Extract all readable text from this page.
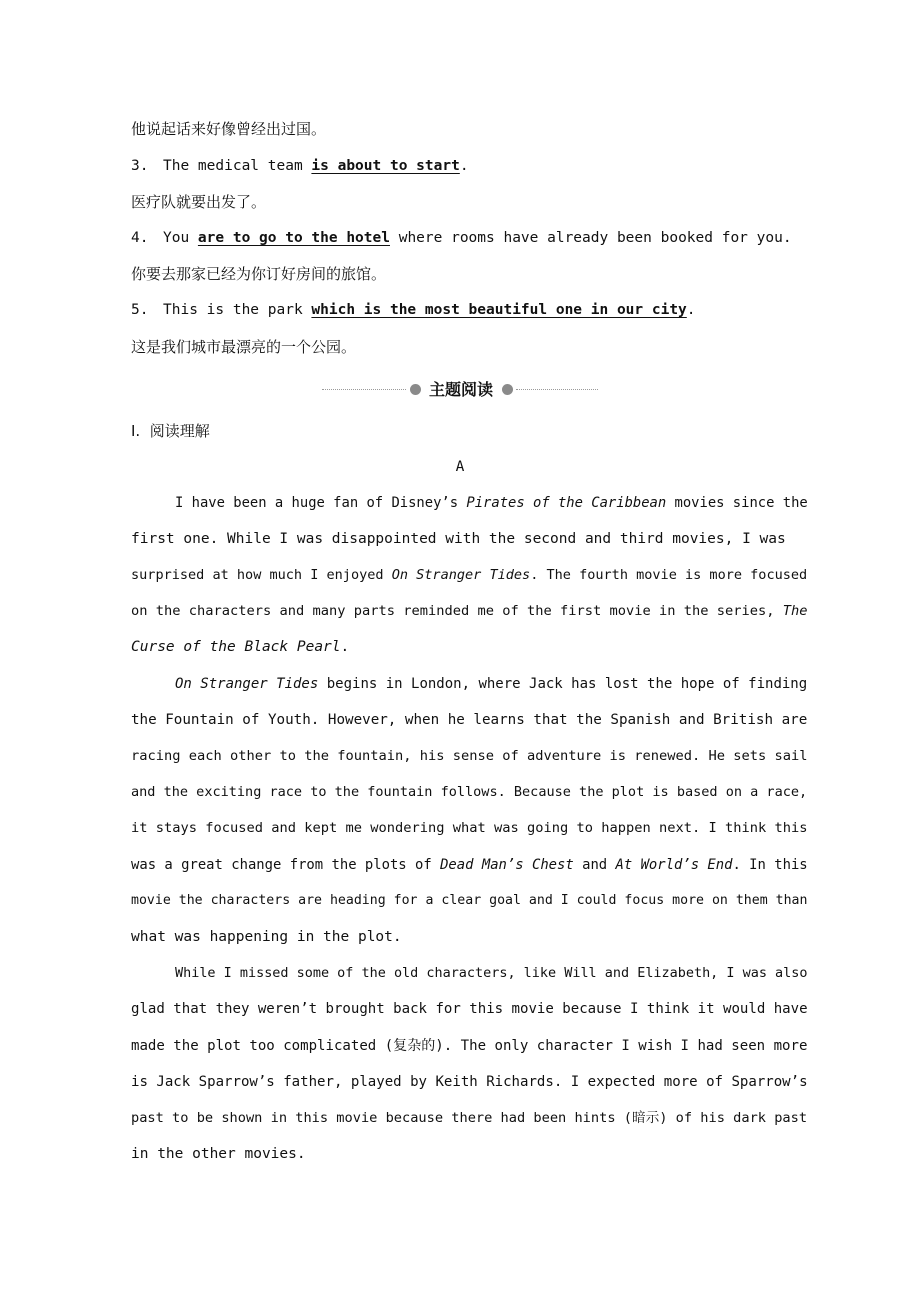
他说起话来好像曾经出过国。
3. The medical team is about to start.
医疗队就要出发了。
4. You are to go to the hotel where rooms have already been booked for you.
你要去那家已经为你订好房间的旅馆。
5. This is the park which is the most beautiful one in our city.
这是我们城市最漂亮的一个公园。
主题阅读
Ⅰ. 阅读理解
A
I have been a huge fan of Disney’s Pirates of the Caribbean movies since the
first one. While I was disappointed with the second and third movies, I was
surprised at how much I enjoyed On Stranger Tides. The fourth movie is more focused
on the characters and many parts reminded me of the first movie in the series, The
Curse of the Black Pearl.
On Stranger Tides begins in London, where Jack has lost the hope of finding
the Fountain of Youth. However, when he learns that the Spanish and British are
racing each other to the fountain, his sense of adventure is renewed. He sets sail
and the exciting race to the fountain follows. Because the plot is based on a race,
it stays focused and kept me wondering what was going to happen next. I think this
was a great change from the plots of Dead Man’s Chest and At World’s End. In this
movie the characters are heading for a clear goal and I could focus more on them than
what was happening in the plot.
While I missed some of the old characters, like Will and Elizabeth, I was also
glad that they weren’t brought back for this movie because I think it would have
made the plot too complicated (复杂的). The only character I wish I had seen more
is Jack Sparrow’s father, played by Keith Richards. I expected more of Sparrow’s
past to be shown in this movie because there had been hints (暗示) of his dark past
in the other movies.
